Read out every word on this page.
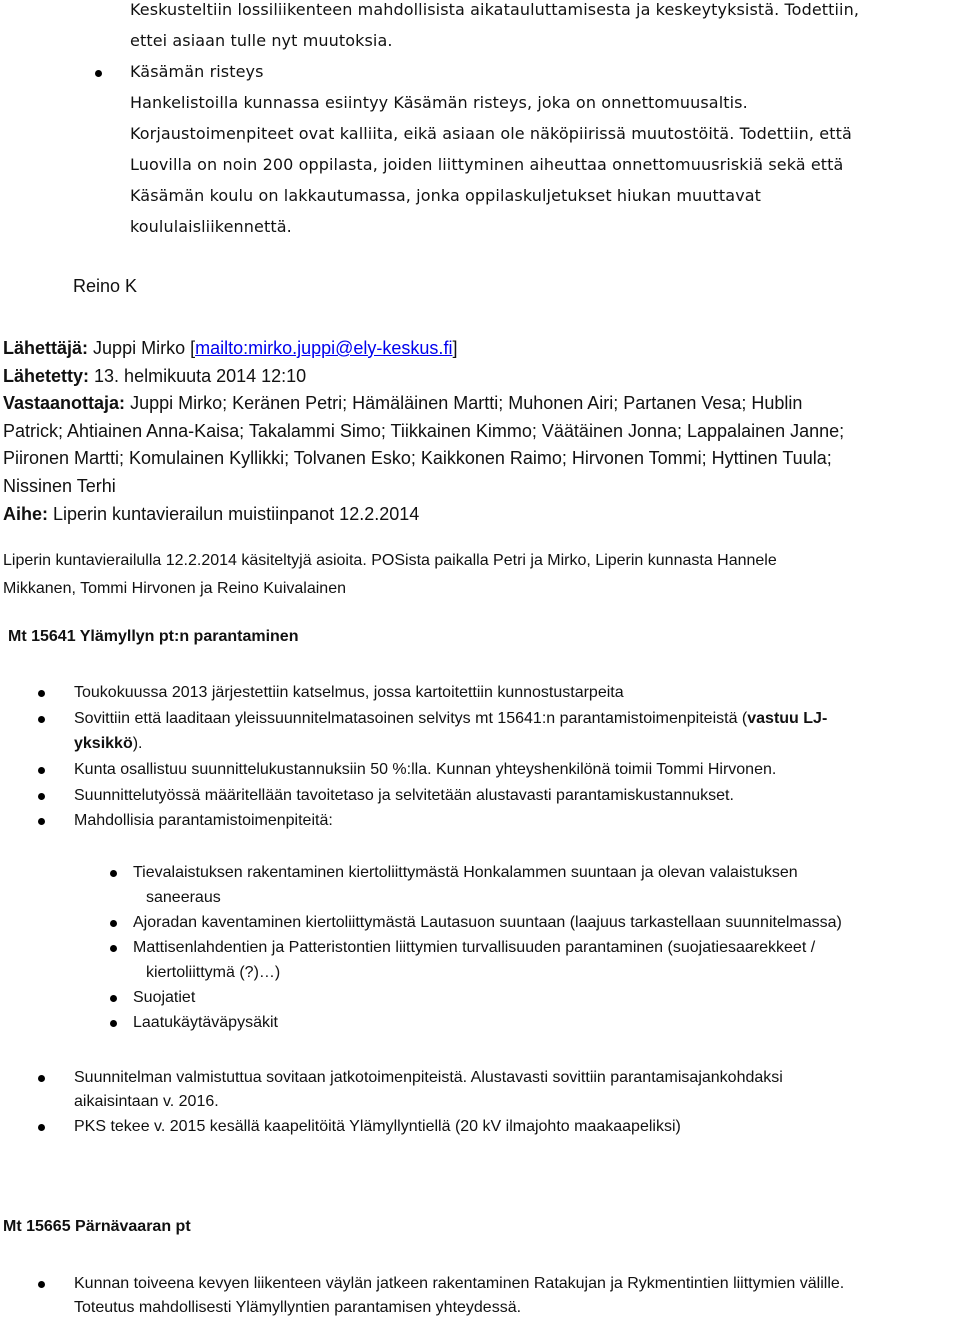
Keskusteltiin lossiliikenteen mahdollisista aikatauluttamisesta ja keskeytyksistä. Todettiin,
ettei asiaan tulle nyt muutoksia.
Käsämän risteys
Hankelistoilla kunnassa esiintyy Käsämän risteys, joka on onnettomuusaltis.
Korjaustoimenpiteet ovat kalliita, eikä asiaan ole näköpiirissä muutostöitä. Todettiin, että
Luovilla on noin 200 oppilasta, joiden liittyminen aiheuttaa onnettomuusriskiä sekä että
Käsämän koulu on lakkautumassa, jonka oppilaskuljetukset hiukan muuttavat
koululaisliikennettä.
Reino K
Lähettäjä: Juppi Mirko [mailto:mirko.juppi@ely-keskus.fi]
Lähetetty: 13. helmikuuta 2014 12:10
Vastaanottaja: Juppi Mirko; Keränen Petri; Hämäläinen Martti; Muhonen Airi; Partanen Vesa; Hublin
Patrick; Ahtiainen Anna-Kaisa; Takalammi Simo; Tiikkainen Kimmo; Väätäinen Jonna; Lappalainen Janne;
Piironen Martti; Komulainen Kyllikki; Tolvanen Esko; Kaikkonen Raimo; Hirvonen Tommi; Hyttinen Tuula;
Nissinen Terhi
Aihe: Liperin kuntavierailun muistiinpanot 12.2.2014
Liperin kuntavierailulla 12.2.2014 käsiteltyjä asioita. POSista paikalla Petri ja Mirko, Liperin kunnasta Hannele
Mikkanen, Tommi Hirvonen ja Reino Kuivalainen
Mt 15641 Ylämyllyn pt:n parantaminen
Toukokuussa 2013 järjestettiin katselmus, jossa kartoitettiin kunnostustarpeita
Sovittiin että laaditaan yleissuunnitelmatasoinen selvitys mt 15641:n parantamistoimenpiteistä (vastuu LJ-
yksikkö).
Kunta osallistuu suunnittelukustannuksiin 50 %:lla. Kunnan yhteyshenkilönä toimii Tommi Hirvonen.
Suunnittelutyössä määritellään tavoitetaso ja selvitetään alustavasti parantamiskustannukset.
Mahdollisia parantamistoimenpiteitä:
Tievalaistuksen rakentaminen kiertoliittymästä Honkalammen suuntaan ja olevan valaistuksen
saneeraus
Ajoradan kaventaminen kiertoliittymästä Lautasuon suuntaan (laajuus tarkastellaan suunnitelmassa)
Mattisenlahdentien ja Patteristontien liittymien turvallisuuden parantaminen (suojatiesaarekkeet /
kiertoliittymä (?)…)
Suojatiet
Laatukäytäväpysäkit
Suunnitelman valmistuttua sovitaan jatkotoimenpiteistä. Alustavasti sovittiin parantamisajankohdaksi
aikaisintaan v. 2016.
PKS tekee v. 2015 kesällä kaapelitöitä Ylämyllyntiellä (20 kV ilmajohto maakaapeliksi)
Mt 15665 Pärnävaaran pt
Kunnan toiveena kevyen liikenteen väylän jatkeen rakentaminen Ratakujan ja Rykmentintien liittymien välille.
Toteutus mahdollisesti Ylämyllyntien parantamisen yhteydessä.
